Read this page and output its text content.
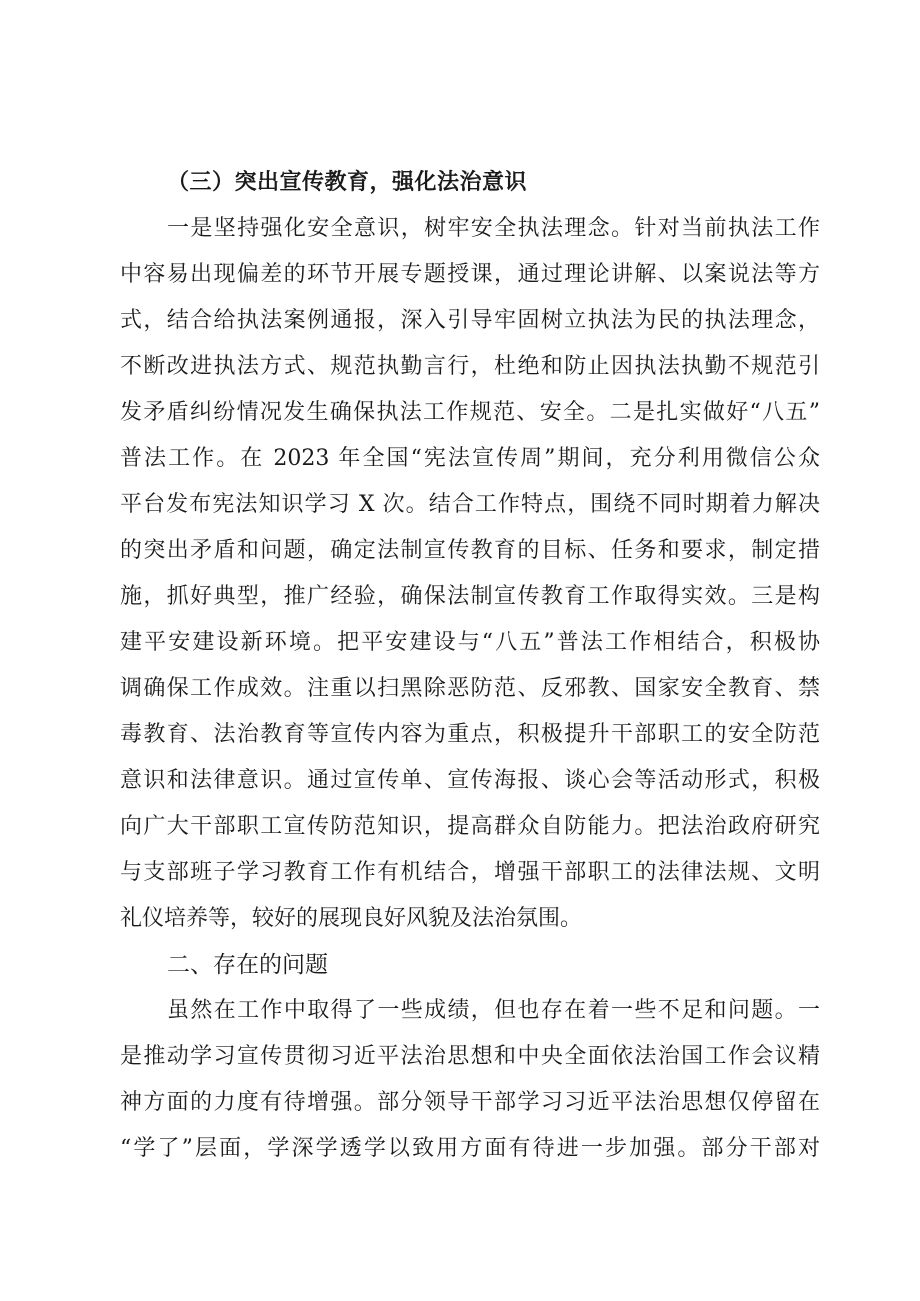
（三）突出宣传教育，强化法治意识

一是坚持强化安全意识，树牢安全执法理念。针对当前执法工作
中容易出现偏差的环节开展专题授课，通过理论讲解、以案说法等方
式，结合给执法案例通报，深入引导牢固树立执法为民的执法理念，
不断改进执法方式、规范执勤言行，杜绝和防止因执法执勤不规范引
发矛盾纠纷情况发生确保执法工作规范、安全。二是扎实做好“八五”
普法工作。在 2023 年全国“宪法宣传周”期间，充分利用微信公众
平台发布宪法知识学习 X 次。结合工作特点，围绕不同时期着力解决
的突出矛盾和问题，确定法制宣传教育的目标、任务和要求，制定措
施，抓好典型，推广经验，确保法制宣传教育工作取得实效。三是构
建平安建设新环境。把平安建设与“八五”普法工作相结合，积极协
调确保工作成效。注重以扫黑除恶防范、反邪教、国家安全教育、禁
毒教育、法治教育等宣传内容为重点，积极提升干部职工的安全防范
意识和法律意识。通过宣传单、宣传海报、谈心会等活动形式，积极
向广大干部职工宣传防范知识，提高群众自防能力。把法治政府研究
与支部班子学习教育工作有机结合，增强干部职工的法律法规、文明
礼仪培养等，较好的展现良好风貌及法治氛围。

二、存在的问题

虽然在工作中取得了一些成绩，但也存在着一些不足和问题。一
是推动学习宣传贯彻习近平法治思想和中央全面依法治国工作会议精
神方面的力度有待增强。部分领导干部学习习近平法治思想仅停留在
“学了”层面，学深学透学以致用方面有待进一步加强。部分干部对
